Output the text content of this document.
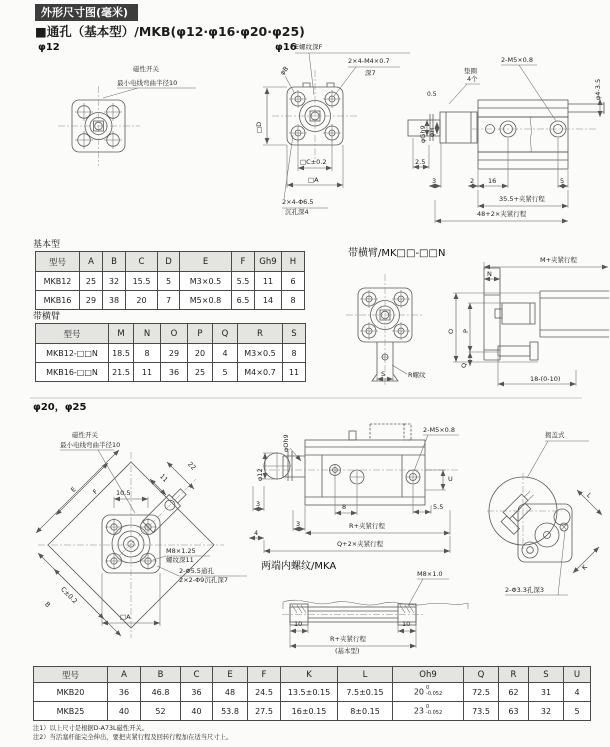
外形尺寸图(毫米)
■通孔（基本型）/MKB(φ12·φ16·φ20·φ25)
φ12
磁性开关
最小电线弯曲半径10
φ16
E螺纹深F
2×4-M4×0.7
深7
φB
□D
□C±0.2
□A
2×4-Φ6.5
沉孔深4
垫圈
4个
0.5
φGh9 φH
2.5
3
2-M5×0.8
φ4-3.5
2 16	5
35.5+夹紧行程
48+2×夹紧行程
基本型
型号	A	B	C	D	E	F	Gh9	H
MKB12	25	32	15.5	5	M3×0.5	5.5	11	6
MKB16	29	38	20	7	M5×0.8	6.5	14	8
带横臂
型号	M	N	O	P	Q	R	S
MKB12-□□N	18.5	8	29	20	4	M3×0.5	8
MKB16-□□N	21.5	11	36	25	5	M4×0.7	11
带横臂/MK□□-□□N
M+夹紧行程
N
O P
Q
S	R螺纹	18-(0-10)
φ20，φ25
磁性开关
最小电线弯曲半径10
E F	10.5
11
22
M8×1.25
螺纹深11
2-Φ5.5通孔
2×2-Φ9沉孔深7
C±0.2
B
□A
φOh9
φ12
2-M5×0.8
3	8	5.5
3	R+夹紧行程
4
Q+2×夹紧行程
U
揭盖式
2-Φ3.3孔深3
K
L
两端内螺纹/MKA
M8×1.0
10	10
R+夹紧行程
(基本型)
型号	A	B	C	E	F	K	L	Oh9	Q	R	S	U
MKB20	36	46.8	36	48	24.5	13.5±0.15	7.5±0.15	20 0
-0.052	72.5	62	31	4
MKB25	40	52	40	53.8	27.5	16±0.15	8±0.15	23 0
-0.052	73.5	63	32	5
注1）以上尺寸是根据D-A73L磁性开关。
注2）当活塞杆能完全伸出，要把夹紧行程及回转行程加在适当尺寸上。
